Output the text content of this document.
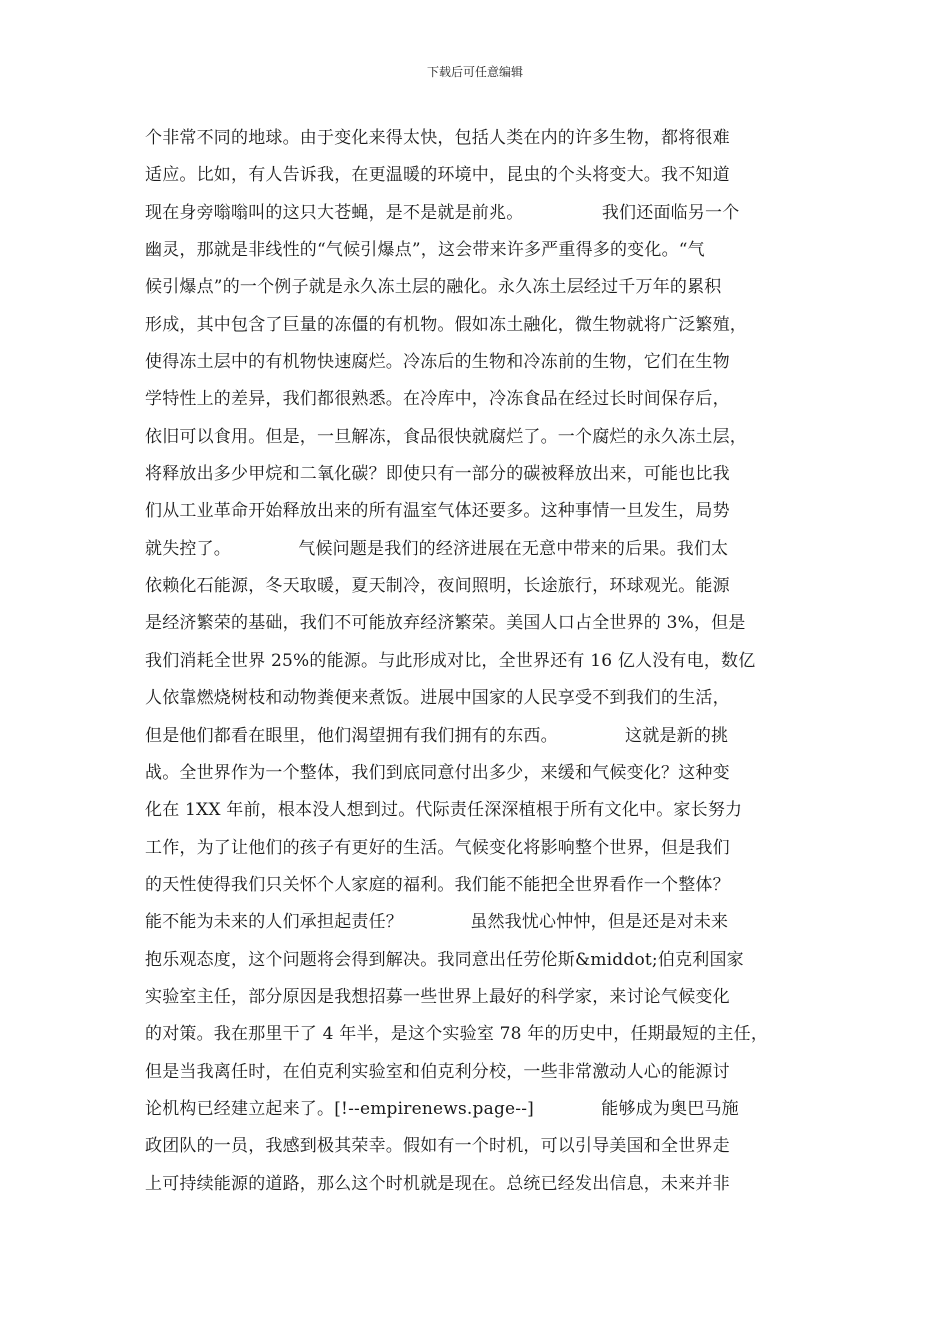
下载后可任意编辑
个非常不同的地球。由于变化来得太快，包括人类在内的许多生物，都将很难
适应。比如，有人告诉我，在更温暖的环境中，昆虫的个头将变大。我不知道
现在身旁嗡嗡叫的这只大苍蝇，是不是就是前兆。              我们还面临另一个
幽灵，那就是非线性的“气候引爆点”，这会带来许多严重得多的变化。“气
候引爆点”的一个例子就是永久冻土层的融化。永久冻土层经过千万年的累积
形成，其中包含了巨量的冻僵的有机物。假如冻土融化，微生物就将广泛繁殖，
使得冻土层中的有机物快速腐烂。冷冻后的生物和冷冻前的生物，它们在生物
学特性上的差异，我们都很熟悉。在冷库中，冷冻食品在经过长时间保存后，
依旧可以食用。但是，一旦解冻，食品很快就腐烂了。一个腐烂的永久冻土层，
将释放出多少甲烷和二氧化碳？即使只有一部分的碳被释放出来，可能也比我
们从工业革命开始释放出来的所有温室气体还要多。这种事情一旦发生，局势
就失控了。            气候问题是我们的经济进展在无意中带来的后果。我们太
依赖化石能源，冬天取暖，夏天制冷，夜间照明，长途旅行，环球观光。能源
是经济繁荣的基础，我们不可能放弃经济繁荣。美国人口占全世界的 3%，但是
我们消耗全世界 25%的能源。与此形成对比，全世界还有 16 亿人没有电，数亿
人依靠燃烧树枝和动物粪便来煮饭。进展中国家的人民享受不到我们的生活，
但是他们都看在眼里，他们渴望拥有我们拥有的东西。            这就是新的挑
战。全世界作为一个整体，我们到底同意付出多少，来缓和气候变化？这种变
化在 1XX 年前，根本没人想到过。代际责任深深植根于所有文化中。家长努力
工作，为了让他们的孩子有更好的生活。气候变化将影响整个世界，但是我们
的天性使得我们只关怀个人家庭的福利。我们能不能把全世界看作一个整体？
能不能为未来的人们承担起责任？            虽然我忧心忡忡，但是还是对未来
抱乐观态度，这个问题将会得到解决。我同意出任劳伦斯&middot;伯克利国家
实验室主任，部分原因是我想招募一些世界上最好的科学家，来讨论气候变化
的对策。我在那里干了 4 年半，是这个实验室 78 年的历史中，任期最短的主任，
但是当我离任时，在伯克利实验室和伯克利分校，一些非常激动人心的能源讨
论机构已经建立起来了。[!--empirenews.page--]            能够成为奥巴马施
政团队的一员，我感到极其荣幸。假如有一个时机，可以引导美国和全世界走
上可持续能源的道路，那么这个时机就是现在。总统已经发出信息，未来并非
